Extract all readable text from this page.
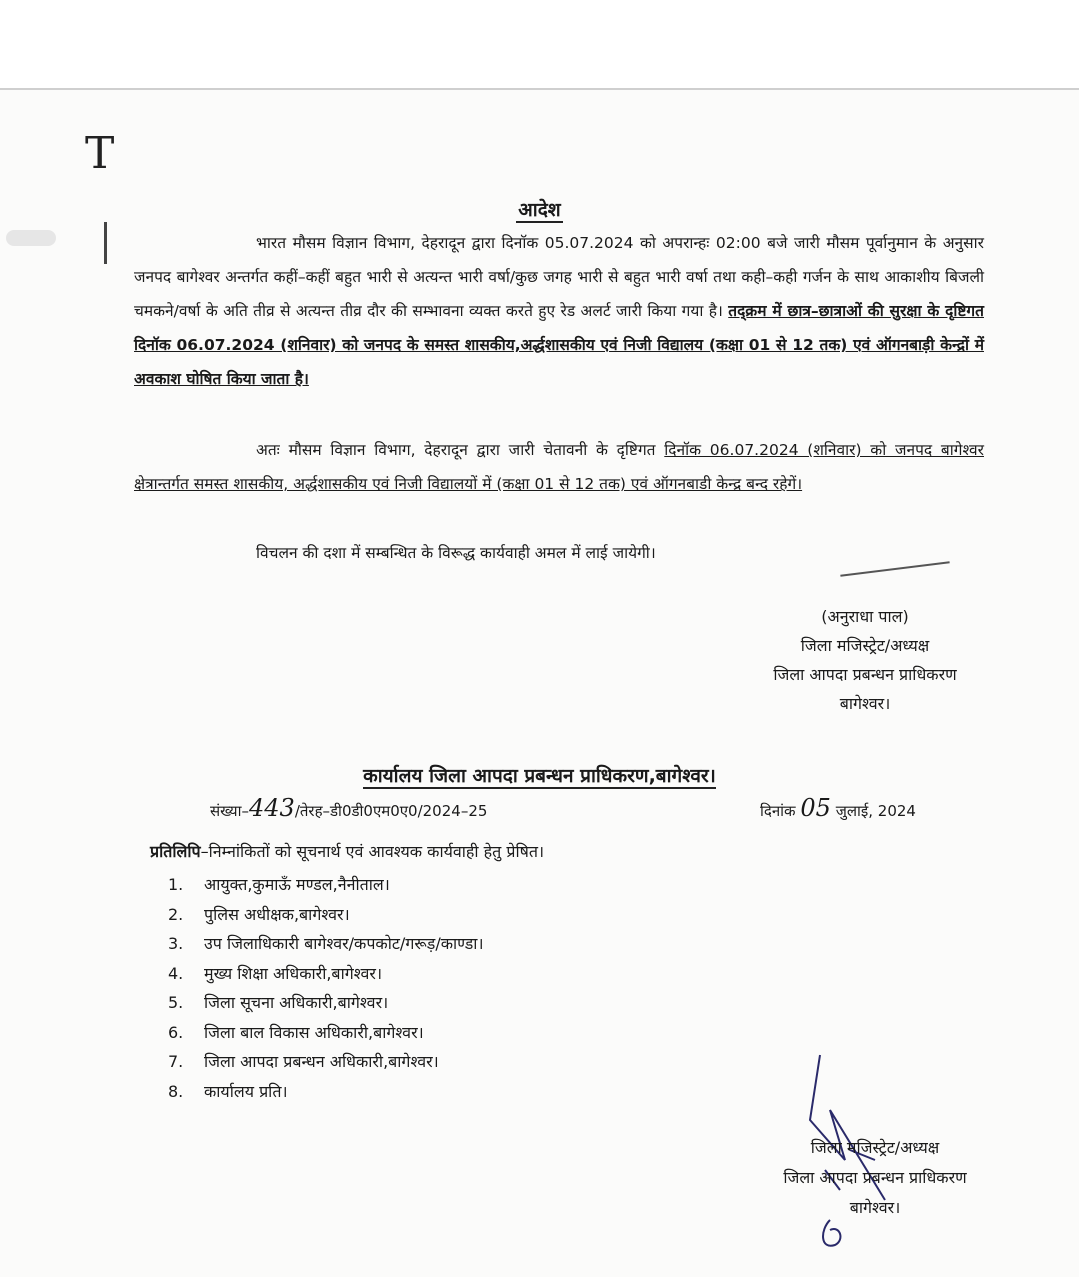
T
आदेश

भारत मौसम विज्ञान विभाग, देहरादून द्वारा दिनॉक 05.07.2024 को अपरान्हः 02:00 बजे जारी मौसम पूर्वानुमान के अनुसार जनपद बागेश्वर अन्तर्गत कहीं–कहीं बहुत भारी से अत्यन्त भारी वर्षा/कुछ जगह भारी से बहुत भारी वर्षा तथा कही–कही गर्जन के साथ आकाशीय बिजली चमकने/वर्षा के अति तीव्र से अत्यन्त तीव्र दौर की सम्भावना व्यक्त करते हुए रेड अलर्ट जारी किया गया है। तद्क्रम में छात्र–छात्राओं की सुरक्षा के दृष्टिगत दिनॉक 06.07.2024 (शनिवार) को जनपद के समस्त शासकीय,अर्द्धशासकीय एवं निजी विद्यालय (कक्षा 01 से 12 तक) एवं ऑगनबाड़ी केन्द्रों में अवकाश घोषित किया जाता है।

अतः मौसम विज्ञान विभाग, देहरादून द्वारा जारी चेतावनी के दृष्टिगत दिनॉक 06.07.2024 (शनिवार) को जनपद बागेश्वर क्षेत्रान्तर्गत समस्त शासकीय, अर्द्धशासकीय एवं निजी विद्यालयों में (कक्षा 01 से 12 तक) एवं ऑगनबाडी केन्द्र बन्द रहेगें।

विचलन की दशा में सम्बन्धित के विरूद्ध कार्यवाही अमल में लाई जायेगी।

(अनुराधा पाल)
जिला मजिस्ट्रेट/अध्यक्ष
जिला आपदा प्रबन्धन प्राधिकरण
बागेश्वर।
कार्यालय जिला आपदा प्रबन्धन प्राधिकरण,बागेश्वर।
संख्या–443/तेरह–डी0डी0एम0ए0/2024–25	दिनांक 05 जुलाई, 2024
प्रतिलिपि–निम्नांकितों को सूचनार्थ एवं आवश्यक कार्यवाही हेतु प्रेषित।
1. आयुक्त,कुमाऊँ मण्डल,नैनीताल।
2. पुलिस अधीक्षक,बागेश्वर।
3. उप जिलाधिकारी बागेश्वर/कपकोट/गरूड़/काण्डा।
4. मुख्य शिक्षा अधिकारी,बागेश्वर।
5. जिला सूचना अधिकारी,बागेश्वर।
6. जिला बाल विकास अधिकारी,बागेश्वर।
7. जिला आपदा प्रबन्धन अधिकारी,बागेश्वर।
8. कार्यालय प्रति।
जिला मजिस्ट्रेट/अध्यक्ष
जिला आपदा प्रबन्धन प्राधिकरण
बागेश्वर।
